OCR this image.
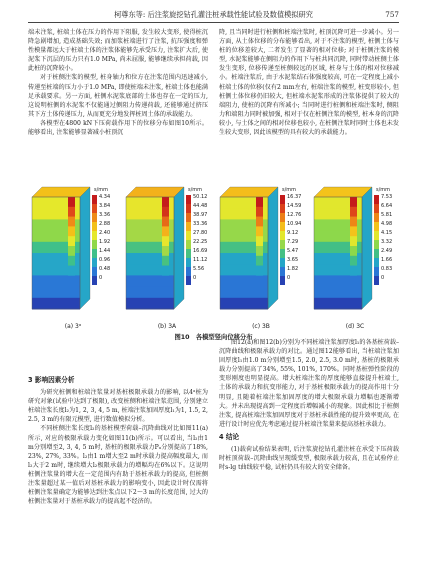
柯尊东等: 后注浆旋挖钻孔灌注桩承载性能试验及数值模拟研究	757

端未注浆, 桩端土体在压力的作用下阻服, 发生较大变形, 使得桩沉降急剧增加, 造成基础失效; 而加浆桩端进行了注浆, 抗压强度和弹性模量都远大于桩端土体的注浆体能够先承受压力, 注浆扩大后, 使泥浆下沉层的压力只有1.0 MPa, 尚未屈服, 能够继续承担荷载, 因此桩的沉降较小。

对于桩侧注浆的模型, 桩身轴力和位方在注浆范围内迅速减小, 传递至桩端的压力小于1.0 MPa, 即使桩端未注浆, 桩端土体也能满足承载要求。另一方面, 桩侧水泥浆底部的土体也存在一定的压力, 这说明桩侧的水泥浆不仅能通过侧阻力传递荷载, 还能够通过挤压其下方土体传递压力, 从而更充分地发挥桩周土体的承载能力。

各模型在4800 kN下压荷载作用下的位移分布如图10所示。能够看出, 注浆能够显著减小桩顶沉

降, 且当同时进行桩侧和桩端注浆时, 桩顶沉降可进一步减小。另一方面, 从土体位移的分布能够看出, 对于不注浆的模型, 桩侧土体与桩的位移差较大, 二者发生了显著的相对位移; 对于桩侧注浆的模型, 水泥浆能够在侧阻力的作用下与桩共同沉降, 同时带动桩侧土体发生变形, 位移传递至桩侧较远的区域, 桩身与土体的相对位移减小。桩端注浆后, 由于水泥浆结石体强度较高, 可在一定程度上减小桩端土体的位移(仅有2 mm左右, 桩端注浆的模型, 桩变形较小, 但桩侧土体位移仍旧较大, 但桩端水泥浆形成的注浆体提供了较大的端阻力, 使桩的沉降有所减小; 当同时进行桩侧和桩端注浆时, 侧阻力和端阻力同时被加强, 相对于仅在桩侧注浆的模型, 桩本身的沉降较小, 与土体之间的相对位移也较小, 在桩侧注浆时同时土体也未发生较大变形, 因此该模型的具有较大的承载能力。

s/mm
4.34
3.84
3.36
2.88
2.40
1.92
1.44
0.96
0.48
0
s/mm
50.12
44.48
38.97
33.36
27.80
22.25
16.69
11.12
5.56
0
s/mm
16.37
14.59
12.76
10.94
9.12
7.29
5.47
3.65
1.82
0
s/mm
7.53
6.64
5.81
4.98
4.15
3.32
2.49
1.66
0.83
0
(a) 3ᵃ	(b) 3A	(c) 3B	(d) 3C
图10　各模型竖向位移分布
3 影响因素分析

为研究桩侧和桩端注浆量对基桩极限承载力的影响, 以4ᵃ桩为研究对象(试验中达到了极限), 改变桩侧和桩端注浆范围, 分别建立桩端注浆长度l₂为1, 2, 3, 4, 5 m, 桩端注浆加固厚度l₁为1, 1.5, 2, 2.5, 3 m的有限元模型, 进行数值模拟分析。

不同桩侧注浆长度l₂的基桩模型荷载–沉降曲线对比如图11(a)所示, 对应的极限承载力变化如图11(b)所示。可以看出, 当l₂由1 m分别增至2, 3, 4, 5 m时, 基桩的极限承载力Pᵤ分别提高了18%, 23%, 27%, 33%。l₂由1 m增大至2 m时承载力提高幅度最大, 而l₂大于2 m时, 继续增大l₂极限承载力的增幅均在6%以下。这说明桩侧注浆量的增大在一定范围内有助于基桩承载力的提高, 但桩侧注浆量超过某一值后对基桩承载力的影响变小, 因此设计时仅需将桩侧注浆量确定为能够达到注浆点以下2～3 m的长度范围, 过大的桩侧注浆量对于基桩承载力的提高起不经济的。

图12(a)和图12(b)分别为不同桩端注浆加厚度l₁的各基桩荷载–沉降曲线和极限承载力的对比。通过图12能够看出, 当桩端注浆加固厚度l₁由1.0 m分别增至1.5, 2.0, 2.5, 3.0 m时, 基桩的极限承载力分别提高了34%, 55%, 101%, 170%。同时基桩弹性阶段的变形刚度也明显提高。增大桩端注浆的厚度能够直接提升桩端土, 土体的承载力和抗变形能力, 对于基桩极限承载力的提高作用十分明显, 且随着桩端注浆加固厚度的增大极限承载力增幅也逐渐增大。并未出现提高到一定程度后增幅减小的现象。因此相比于桩侧注浆, 提高桩端注浆加固厚度对于基桩承载性能的提升效率更高, 在进行设计时应优先考虑通过提升桩端注浆量来提高基桩承载力。

4 结论

(1)载荷试验结果表明, 后注浆旋挖钻孔灌注桩在承受下压荷载时桩顶荷载–沉降曲线呈现缓变型, 极限承载力较高, 且在试验停止时s-lg t曲线较平稳, 试桩仍具有较大的安全储备。
